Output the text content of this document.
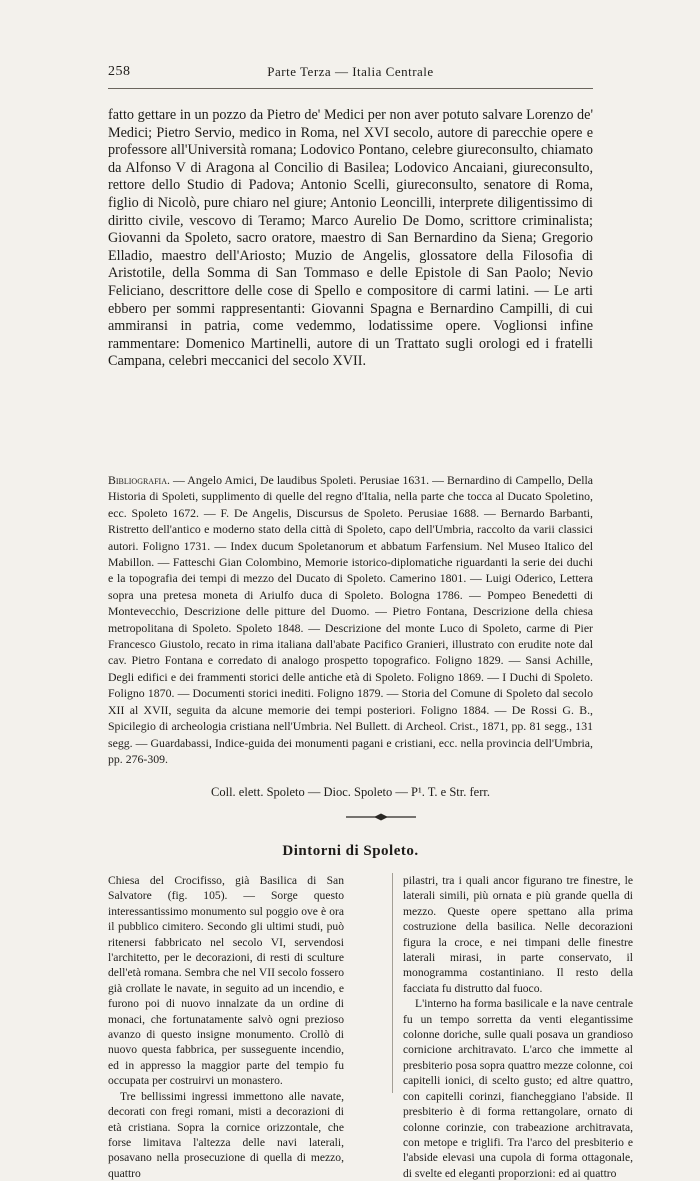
258	Parte Terza — Italia Centrale

fatto gettare in un pozzo da Pietro de' Medici per non aver potuto salvare Lorenzo de' Medici; Pietro Servio, medico in Roma, nel XVI secolo, autore di parecchie opere e professore all'Università romana; Lodovico Pontano, celebre giureconsulto, chiamato da Alfonso V di Aragona al Concilio di Basilea; Lodovico Ancaiani, giureconsulto, rettore dello Studio di Padova; Antonio Scelli, giureconsulto, senatore di Roma, figlio di Nicolò, pure chiaro nel giure; Antonio Leoncilli, interprete diligentissimo di diritto civile, vescovo di Teramo; Marco Aurelio De Domo, scrittore criminalista; Giovanni da Spoleto, sacro oratore, maestro di San Bernardino da Siena; Gregorio Elladio, maestro dell'Ariosto; Muzio de Angelis, glossatore della Filosofia di Aristotile, della Somma di San Tommaso e delle Epistole di San Paolo; Nevio Feliciano, descrittore delle cose di Spello e compositore di carmi latini. — Le arti ebbero per sommi rappresentanti: Giovanni Spagna e Bernardino Campilli, di cui ammiransi in patria, come vedemmo, lodatissime opere. Voglionsi infine rammentare: Domenico Martinelli, autore di un Trattato sugli orologi ed i fratelli Campana, celebri meccanici del secolo XVII.

Bibliografia. — Angelo Amici, De laudibus Spoleti. Perusiae 1631. — Bernardino di Campello, Della Historia di Spoleti, supplimento di quelle del regno d'Italia, nella parte che tocca al Ducato Spoletino, ecc. Spoleto 1672. — F. De Angelis, Discursus de Spoleto. Perusiae 1688. — Bernardo Barbanti, Ristretto dell'antico e moderno stato della città di Spoleto, capo dell'Umbria, raccolto da varii classici autori. Foligno 1731. — Index ducum Spoletanorum et abbatum Farfensium. Nel Museo Italico del Mabillon. — Fatteschi Gian Colombino, Memorie istorico-diplomatiche riguardanti la serie dei duchi e la topografia dei tempi di mezzo del Ducato di Spoleto. Camerino 1801. — Luigi Oderico, Lettera sopra una pretesa moneta di Ariulfo duca di Spoleto. Bologna 1786. — Pompeo Benedetti di Montevecchio, Descrizione delle pitture del Duomo. — Pietro Fontana, Descrizione della chiesa metropolitana di Spoleto. Spoleto 1848. — Descrizione del monte Luco di Spoleto, carme di Pier Francesco Giustolo, recato in rima italiana dall'abate Pacifico Granieri, illustrato con erudite note dal cav. Pietro Fontana e corredato di analogo prospetto topografico. Foligno 1829. — Sansi Achille, Degli edifici e dei frammenti storici delle antiche età di Spoleto. Foligno 1869. — I Duchi di Spoleto. Foligno 1870. — Documenti storici inediti. Foligno 1879. — Storia del Comune di Spoleto dal secolo XII al XVII, seguita da alcune memorie dei tempi posteriori. Foligno 1884. — De Rossi G. B., Spicilegio di archeologia cristiana nell'Umbria. Nel Bullett. di Archeol. Crist., 1871, pp. 81 segg., 131 segg. — Guardabassi, Indice-guida dei monumenti pagani e cristiani, ecc. nella provincia dell'Umbria, pp. 276-309.
Coll. elett. Spoleto — Dioc. Spoleto — P¹. T. e Str. ferr.
Dintorni di Spoleto.

Chiesa del Crocifisso, già Basilica di San Salvatore (fig. 105). — Sorge questo interessantissimo monumento sul poggio ove è ora il pubblico cimitero. Secondo gli ultimi studi, può ritenersi fabbricato nel secolo VI, servendosi l'architetto, per le decorazioni, di resti di sculture dell'età romana. Sembra che nel VII secolo fossero già crollate le navate, in seguito ad un incendio, e furono poi di nuovo innalzate da un ordine di monaci, che fortunatamente salvò ogni prezioso avanzo di questo insigne monumento. Crollò di nuovo questa fabbrica, per susseguente incendio, ed in appresso la maggior parte del tempio fu occupata per costruirvi un monastero.

Tre bellissimi ingressi immettono alle navate, decorati con fregi romani, misti a decorazioni di età cristiana. Sopra la cornice orizzontale, che forse limitava l'altezza delle navi laterali, posavano nella prosecuzione di quella di mezzo, quattro

pilastri, tra i quali ancor figurano tre finestre, le laterali simili, più ornata e più grande quella di mezzo. Queste opere spettano alla prima costruzione della basilica. Nelle decorazioni figura la croce, e nei timpani delle finestre laterali mirasi, in parte conservato, il monogramma costantiniano. Il resto della facciata fu distrutto dal fuoco.

L'interno ha forma basilicale e la nave centrale fu un tempo sorretta da venti elegantissime colonne doriche, sulle quali posava un grandioso cornicione architravato. L'arco che immette al presbiterio posa sopra quattro mezze colonne, coi capitelli ionici, di scelto gusto; ed altre quattro, con capitelli corinzi, fiancheggiano l'abside. Il presbiterio è di forma rettangolare, ornato di colonne corinzie, con trabeazione architravata, con metope e triglifi. Tra l'arco del presbiterio e l'abside elevasi una cupola di forma ottagonale, di svelte ed eleganti proporzioni: ed ai quattro
